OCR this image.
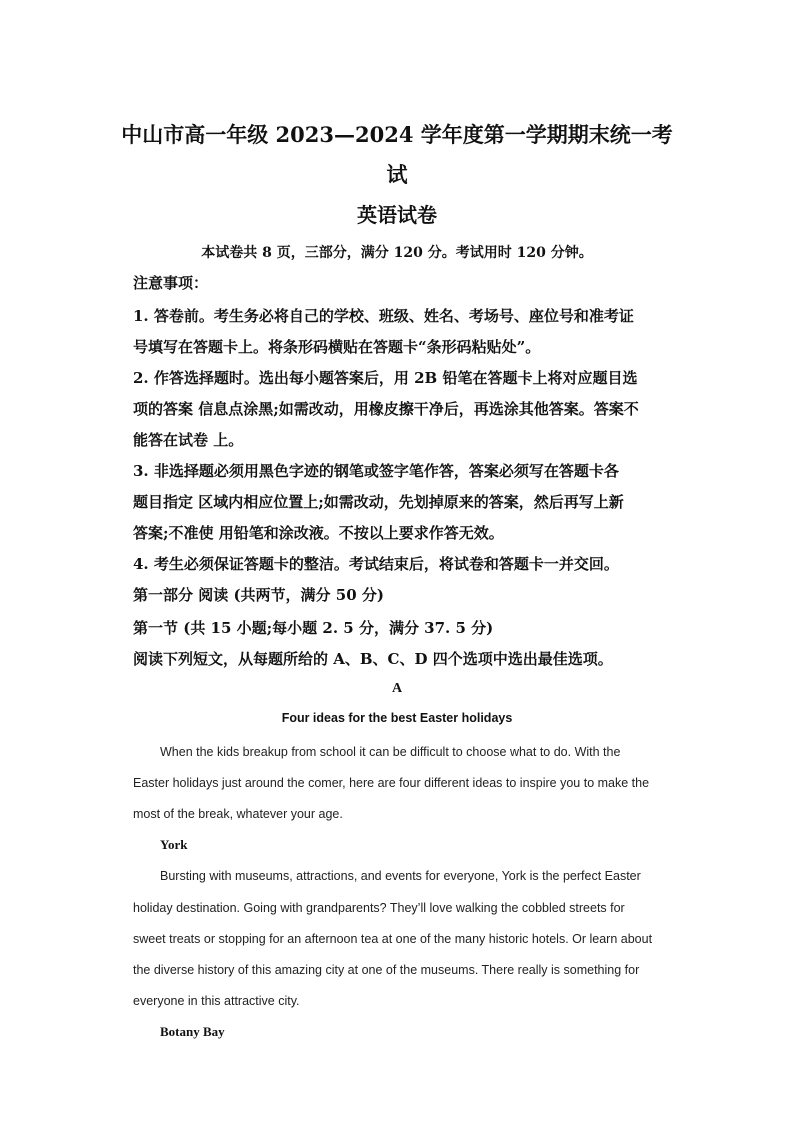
中山市高一年级 2023—2024 学年度第一学期期末统一考
试
英语试卷
本试卷共 8 页，三部分，满分 120 分。考试用时 120 分钟。
注意事项：
1. 答卷前。考生务必将自己的学校、班级、姓名、考场号、座位号和准考证
号填写在答题卡上。将条形码横贴在答题卡“条形码粘贴处”。
2. 作答选择题时。选出每小题答案后，用 2B 铅笔在答题卡上将对应题目选
项的答案 信息点涂黑;如需改动，用橡皮擦干净后，再选涂其他答案。答案不
能答在试卷 上。
3. 非选择题必须用黑色字迹的钢笔或签字笔作答，答案必须写在答题卡各
题目指定 区域内相应位置上;如需改动，先划掉原来的答案，然后再写上新
答案;不准使 用铅笔和涂改液。不按以上要求作答无效。
4. 考生必须保证答题卡的整洁。考试结束后，将试卷和答题卡一并交回。
第一部分 阅读 (共两节，满分 50 分)
第一节 (共 15 小题;每小题 2. 5 分，满分 37. 5 分)
阅读下列短文，从每题所给的 A、B、C、D 四个选项中选出最佳选项。
A
Four ideas for the best Easter holidays
When the kids breakup from school it can be difficult to choose what to do. With the
Easter holidays just around the comer, here are four different ideas to inspire you to make the
most of the break, whatever your age.
York
Bursting with museums, attractions, and events for everyone, York is the perfect Easter
holiday destination. Going with grandparents? They’ll love walking the cobbled streets for
sweet treats or stopping for an afternoon tea at one of the many historic hotels. Or learn about
the diverse history of this amazing city at one of the museums. There really is something for
everyone in this attractive city.
Botany Bay
